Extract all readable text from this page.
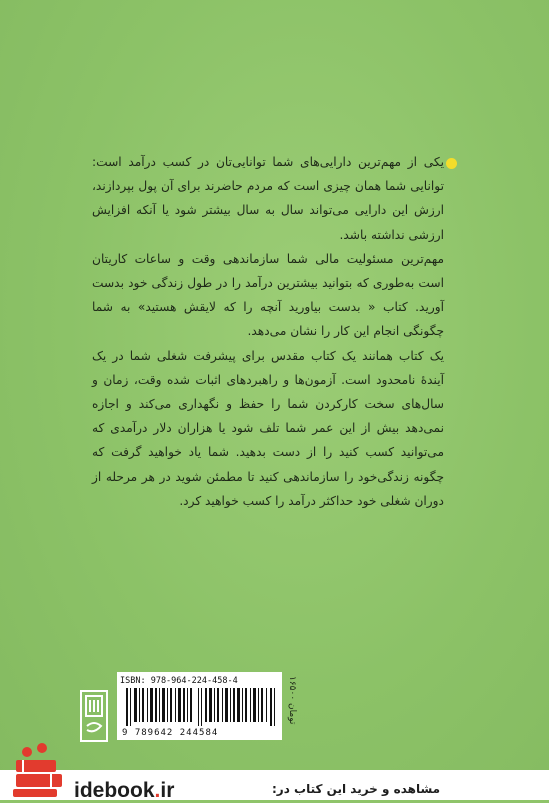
یکی از مهم‌ترین دارایی‌های شما توانایی‌تان در کسب درآمد است: توانایی شما همان چیزی است که مردم حاضرند برای آن پول بپردازند، ارزش این دارایی می‌تواند سال به سال بیشتر شود یا آنکه افزایش ارزشی نداشته باشد.

مهم‌ترین مسئولیت مالی شما سازماندهی وقت و ساعات کاریتان است به‌طوری که بتوانید بیشترین درآمد را در طول زندگی خود بدست آورید. کتاب « بدست بیاورید آنچه را که لایقش هستید» به شما چگونگی انجام این کار را نشان می‌دهد.

یک کتاب همانند یک کتاب مقدس برای پیشرفت شغلی شما در یک آیندهٔ نامحدود است. آزمون‌ها و راهبردهای اثبات شده وقت، زمان و سال‌های سخت کارکردن شما را حفظ و نگهداری می‌کند و اجازه نمی‌دهد بیش از این عمر شما تلف شود یا هزاران دلار درآمدی که می‌توانید کسب کنید را از دست بدهید. شما یاد خواهید گرفت که چگونه زندگی‌خود را سازماندهی کنید تا مطمئن شوید در هر مرحله از دوران شغلی خود حداکثر درآمد را کسب خواهید کرد.

ISBN: 978-964-224-458-4
9 789642 244584
۱۶۵۰۰ تومان
idebook.ir	مشاهده و خرید این کتاب در:
